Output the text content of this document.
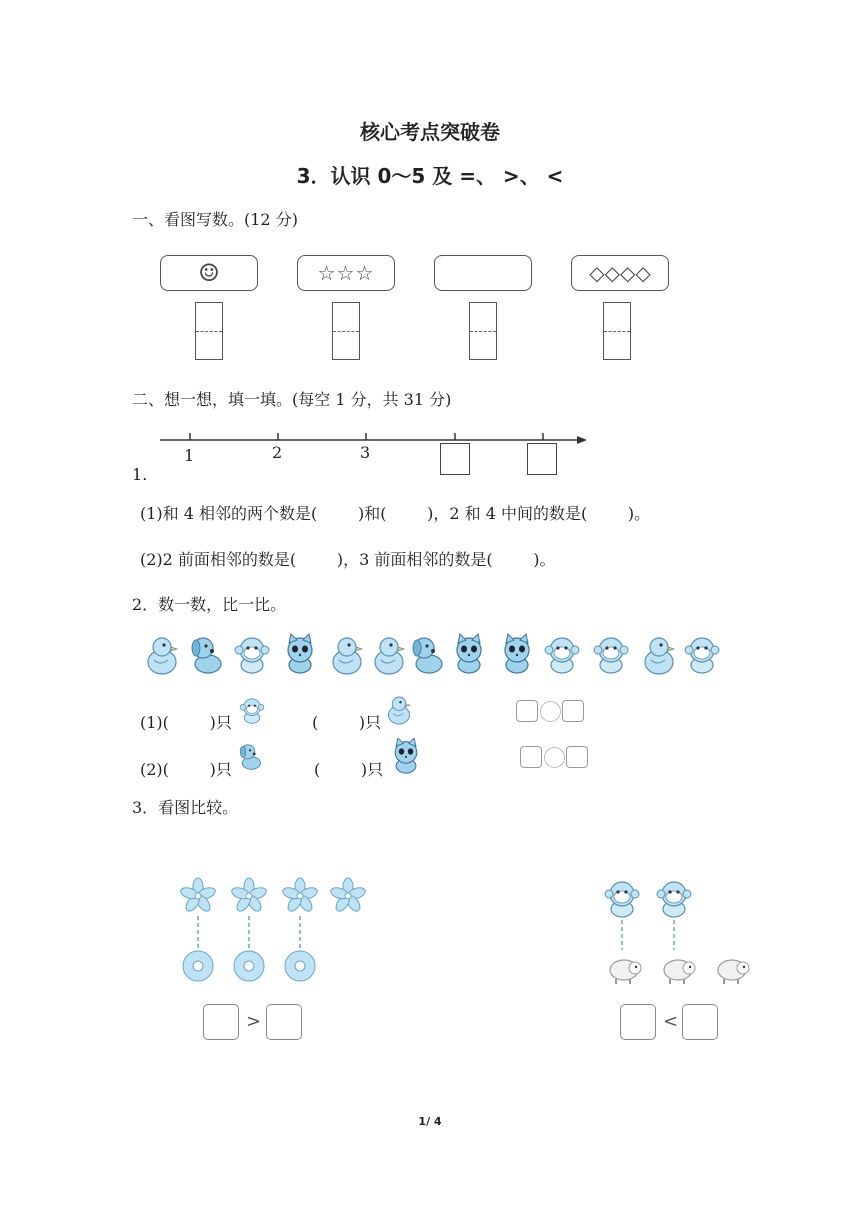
核心考点突破卷
3．认识 0～5 及 =、 >、 <
一、看图写数。(12 分)
☺	☆☆☆	◇◇◇◇
二、想一想，填一填。(每空 1 分，共 31 分)
1	2	3
1.
(1)和 4 相邻的两个数是(        )和(        )，2 和 4 中间的数是(        )。
(2)2 前面相邻的数是(        )，3 前面相邻的数是(        )。
2．数一数，比一比。
(1)(        )只	(        )只
(2)(        )只	(        )只
3．看图比较。
>	<
1/ 4
